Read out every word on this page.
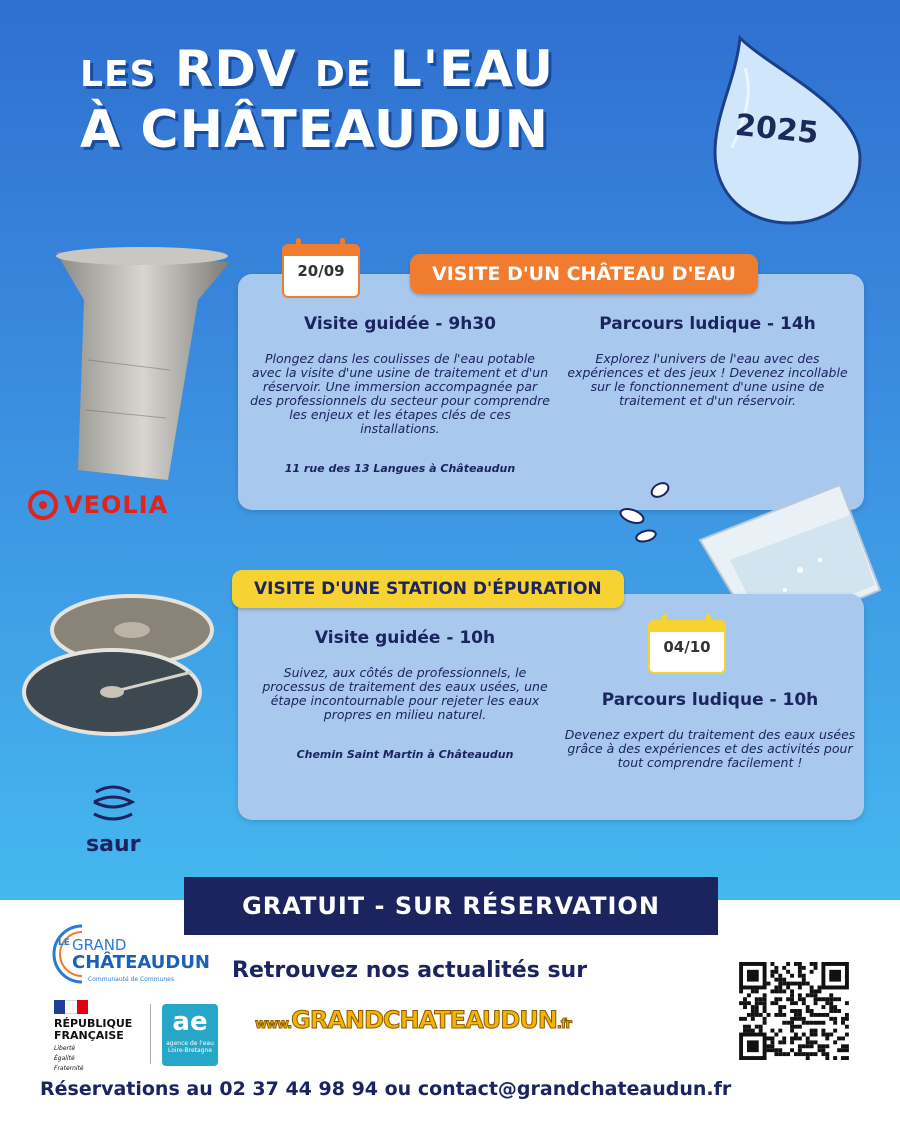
LES RDV DE L'EAU
À CHÂTEAUDUN	2025
VEOLIA
20/09	VISITE D'UN CHÂTEAU D'EAU
Visite guidée - 9h30

Plongez dans les coulisses de l'eau potable avec la visite d'une usine de traitement et d'un réservoir. Une immersion accompagnée par des professionnels du secteur pour comprendre les enjeux et les étapes clés de ces installations.

11 rue des 13 Langues à Châteaudun
Parcours ludique - 14h

Explorez l'univers de l'eau avec des expériences et des jeux ! Devenez incollable sur le fonctionnement d'une usine de traitement et d'un réservoir.

saur
VISITE D'UNE STATION D'ÉPURATION
04/10
Visite guidée - 10h

Suivez, aux côtés de professionnels, le processus de traitement des eaux usées, une étape incontournable pour rejeter les eaux propres en milieu naturel.

Chemin Saint Martin à Châteaudun
Parcours ludique - 10h

Devenez expert du traitement des eaux usées grâce à des expériences et des activités pour tout comprendre facilement !

GRATUIT - SUR RÉSERVATION
LE GRAND
CHÂTEAUDUN
Communauté de Communes
RÉPUBLIQUE
FRANÇAISE
Liberté
Égalité
Fraternité
ae
agence de l'eau
Loire-Bretagne
Retrouvez nos actualités sur
www.GRANDCHATEAUDUN.fr
Réservations au 02 37 44 98 94 ou contact@grandchateaudun.fr
